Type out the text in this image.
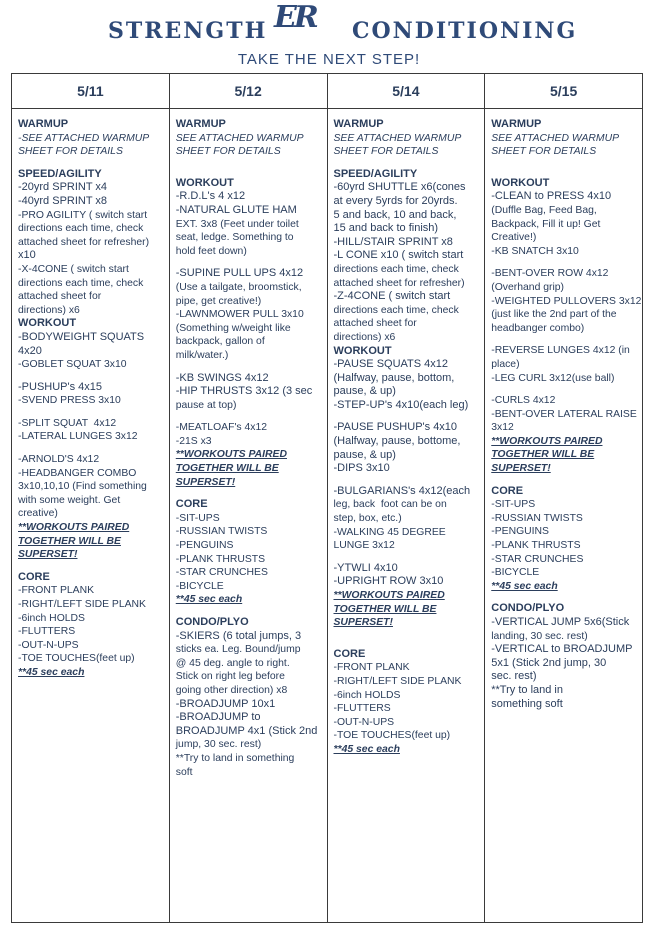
STRENGTH ER CONDITIONING
TAKE THE NEXT STEP!
5/11
WARMUP
-SEE ATTACHED WARMUP
SHEET FOR DETAILS
SPEED/AGILITY
-20yrd SPRINT x4
-40yrd SPRINT x8
-PRO AGILITY ( switch start
directions each time, check
attached sheet for refresher)
x10
-X-4CONE ( switch start
directions each time, check
attached sheet for
directions) x6
WORKOUT
-BODYWEIGHT SQUATS
4x20
-GOBLET SQUAT 3x10
-PUSHUP's 4x15
-SVEND PRESS 3x10
-SPLIT SQUAT  4x12
-LATERAL LUNGES 3x12
-ARNOLD'S 4x12
-HEADBANGER COMBO
3x10,10,10 (Find something
with some weight. Get
creative)
**WORKOUTS PAIRED
TOGETHER WILL BE
SUPERSET!
CORE
-FRONT PLANK
-RIGHT/LEFT SIDE PLANK
-6inch HOLDS
-FLUTTERS
-OUT-N-UPS
-TOE TOUCHES(feet up)
**45 sec each
5/12
WARMUP
SEE ATTACHED WARMUP
SHEET FOR DETAILS
WORKOUT
-R.D.L's 4 x12
-NATURAL GLUTE HAM
EXT. 3x8 (Feet under toilet
seat, ledge. Something to
hold feet down)
-SUPINE PULL UPS 4x12
(Use a tailgate, broomstick,
pipe, get creative!)
-LAWNMOWER PULL 3x10
(Something w/weight like
backpack, gallon of
milk/water.)
-KB SWINGS 4x12
-HIP THRUSTS 3x12 (3 sec
pause at top)
-MEATLOAF's 4x12
-21S x3
**WORKOUTS PAIRED
TOGETHER WILL BE
SUPERSET!
CORE
-SIT-UPS
-RUSSIAN TWISTS
-PENGUINS
-PLANK THRUSTS
-STAR CRUNCHES
-BICYCLE
**45 sec each
CONDO/PLYO
-SKIERS (6 total jumps, 3
sticks ea. Leg. Bound/jump
@ 45 deg. angle to right.
Stick on right leg before
going other direction) x8
-BROADJUMP 10x1
-BROADJUMP to
BROADJUMP 4x1 (Stick 2nd
jump, 30 sec. rest)
**Try to land in something
soft
5/14
WARMUP
SEE ATTACHED WARMUP
SHEET FOR DETAILS
SPEED/AGILITY
-60yrd SHUTTLE x6(cones
at every 5yrds for 20yrds.
5 and back, 10 and back,
15 and back to finish)
-HILL/STAIR SPRINT x8
-L CONE x10 ( switch start
directions each time, check
attached sheet for refresher)
-Z-4CONE ( switch start
directions each time, check
attached sheet for
directions) x6
WORKOUT
-PAUSE SQUATS 4x12
(Halfway, pause, bottom,
pause, & up)
-STEP-UP's 4x10(each leg)
-PAUSE PUSHUP's 4x10
(Halfway, pause, bottome,
pause, & up)
-DIPS 3x10
-BULGARIANS's 4x12(each
leg, back  foot can be on
step, box, etc.)
-WALKING 45 DEGREE
LUNGE 3x12
-YTWLI 4x10
-UPRIGHT ROW 3x10
**WORKOUTS PAIRED
TOGETHER WILL BE
SUPERSET!
CORE
-FRONT PLANK
-RIGHT/LEFT SIDE PLANK
-6inch HOLDS
-FLUTTERS
-OUT-N-UPS
-TOE TOUCHES(feet up)
**45 sec each
5/15
WARMUP
SEE ATTACHED WARMUP
SHEET FOR DETAILS
WORKOUT
-CLEAN to PRESS 4x10
(Duffle Bag, Feed Bag,
Backpack, Fill it up! Get
Creative!)
-KB SNATCH 3x10
-BENT-OVER ROW 4x12
(Overhand grip)
-WEIGHTED PULLOVERS 3x12
(just like the 2nd part of the
headbanger combo)
-REVERSE LUNGES 4x12 (in
place)
-LEG CURL 3x12(use ball)
-CURLS 4x12
-BENT-OVER LATERAL RAISE
3x12
**WORKOUTS PAIRED
TOGETHER WILL BE
SUPERSET!
CORE
-SIT-UPS
-RUSSIAN TWISTS
-PENGUINS
-PLANK THRUSTS
-STAR CRUNCHES
-BICYCLE
**45 sec each
CONDO/PLYO
-VERTICAL JUMP 5x6(Stick
landing, 30 sec. rest)
-VERTICAL to BROADJUMP
5x1 (Stick 2nd jump, 30
sec. rest)
**Try to land in
something soft
